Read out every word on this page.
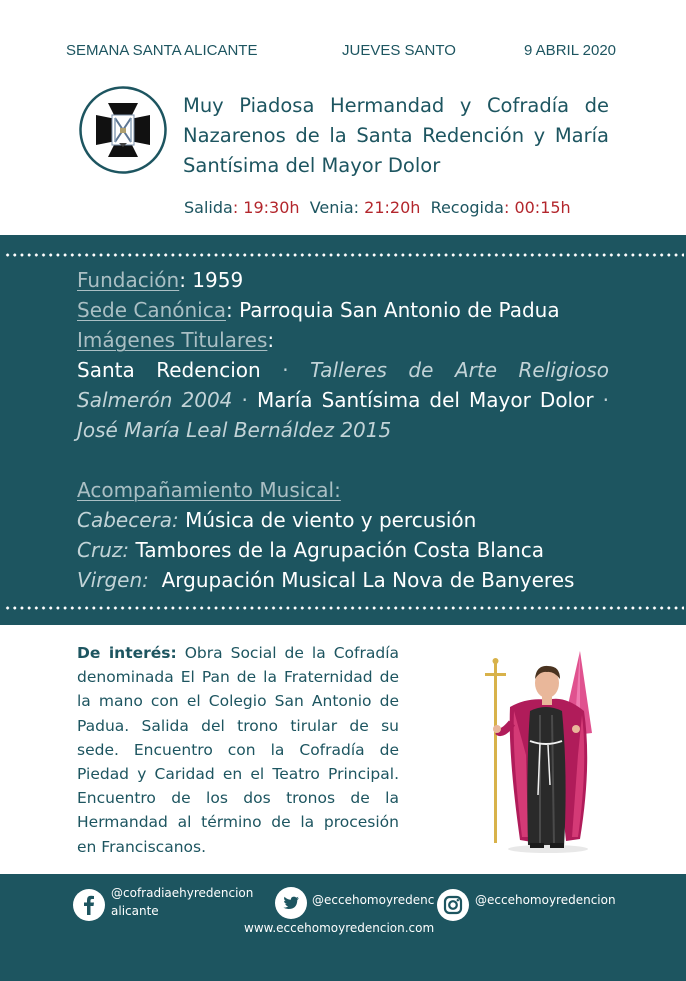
SEMANA SANTA ALICANTE	JUEVES SANTO	9 ABRIL 2020
Muy Piadosa Hermandad y Cofradía de Nazarenos de la Santa Redención y María Santísima del Mayor Dolor
Salida: 19:30h Venia: 21:20h Recogida: 00:15h
Fundación: 1959
Sede Canónica: Parroquia San Antonio de Padua
Imágenes Titulares:
Santa Redencion · Talleres de Arte Religioso Salmerón 2004 · María Santísima del Mayor Dolor · José María Leal Bernáldez 2015
Acompañamiento Musical:
Cabecera: Música de viento y percusión
Cruz: Tambores de la Agrupación Costa Blanca
Virgen: Argupación Musical La Nova de Banyeres
De interés: Obra Social de la Cofradía denominada El Pan de la Fraternidad de la mano con el Colegio San Antonio de Padua. Salida del trono tirular de su sede. Encuentro con la Cofradía de Piedad y Caridad en el Teatro Principal. Encuentro de los dos tronos de la Hermandad al término de la procesión en Franciscanos.
@cofradiaehyredencion
alicante
@eccehomoyredenc	@eccehomoyredencion
www.eccehomoyredencion.com
